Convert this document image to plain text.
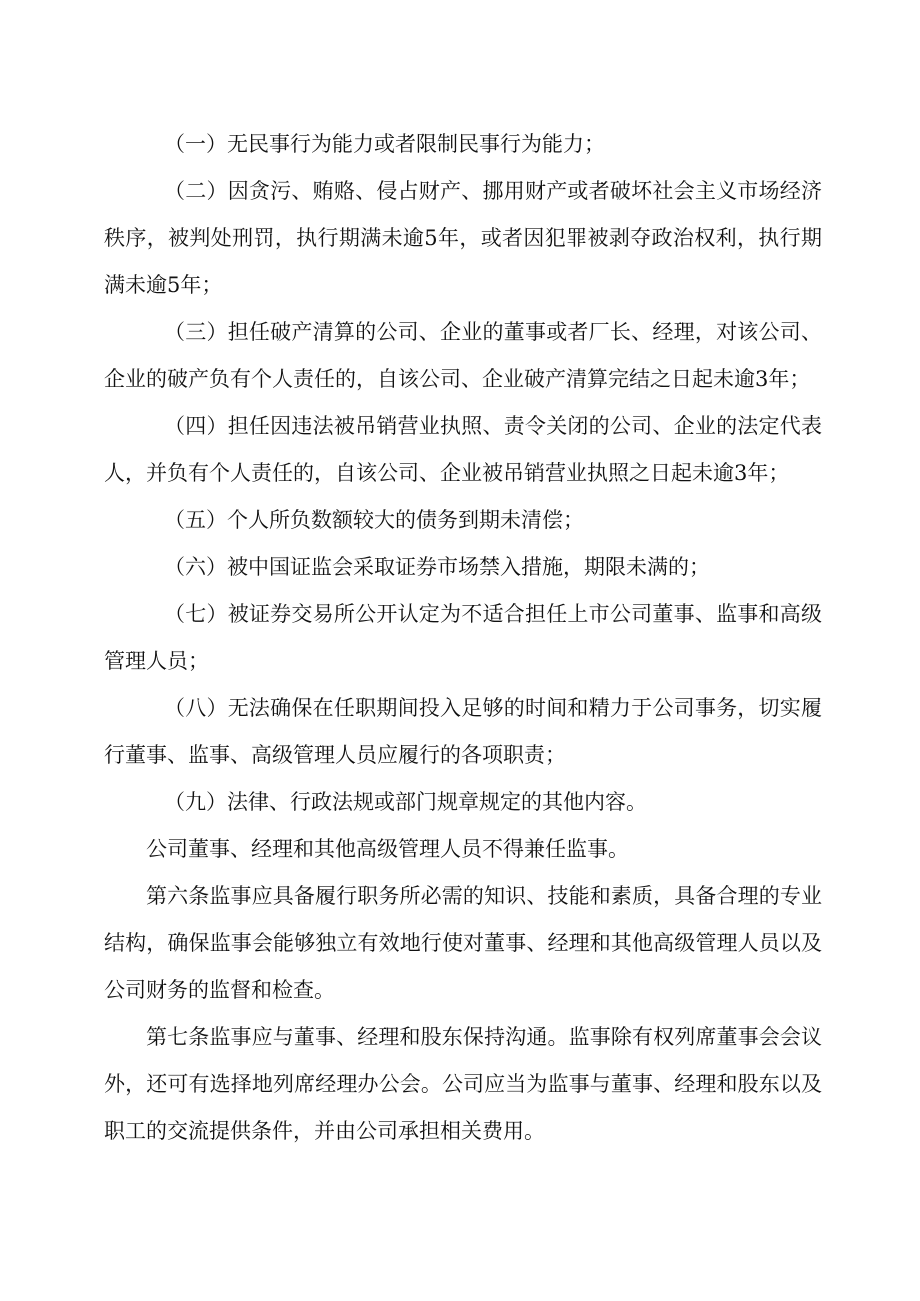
（一）无民事行为能力或者限制民事行为能力；

（二）因贪污、贿赂、侵占财产、挪用财产或者破坏社会主义市场经济秩序，被判处刑罚，执行期满未逾5年，或者因犯罪被剥夺政治权利，执行期满未逾5年；

（三）担任破产清算的公司、企业的董事或者厂长、经理，对该公司、企业的破产负有个人责任的，自该公司、企业破产清算完结之日起未逾3年；

（四）担任因违法被吊销营业执照、责令关闭的公司、企业的法定代表人，并负有个人责任的，自该公司、企业被吊销营业执照之日起未逾3年；

（五）个人所负数额较大的债务到期未清偿；

（六）被中国证监会采取证券市场禁入措施，期限未满的；

（七）被证券交易所公开认定为不适合担任上市公司董事、监事和高级管理人员；

（八）无法确保在任职期间投入足够的时间和精力于公司事务，切实履行董事、监事、高级管理人员应履行的各项职责；

（九）法律、行政法规或部门规章规定的其他内容。

公司董事、经理和其他高级管理人员不得兼任监事。

第六条监事应具备履行职务所必需的知识、技能和素质，具备合理的专业结构，确保监事会能够独立有效地行使对董事、经理和其他高级管理人员以及公司财务的监督和检查。

第七条监事应与董事、经理和股东保持沟通。监事除有权列席董事会会议外，还可有选择地列席经理办公会。公司应当为监事与董事、经理和股东以及职工的交流提供条件，并由公司承担相关费用。
